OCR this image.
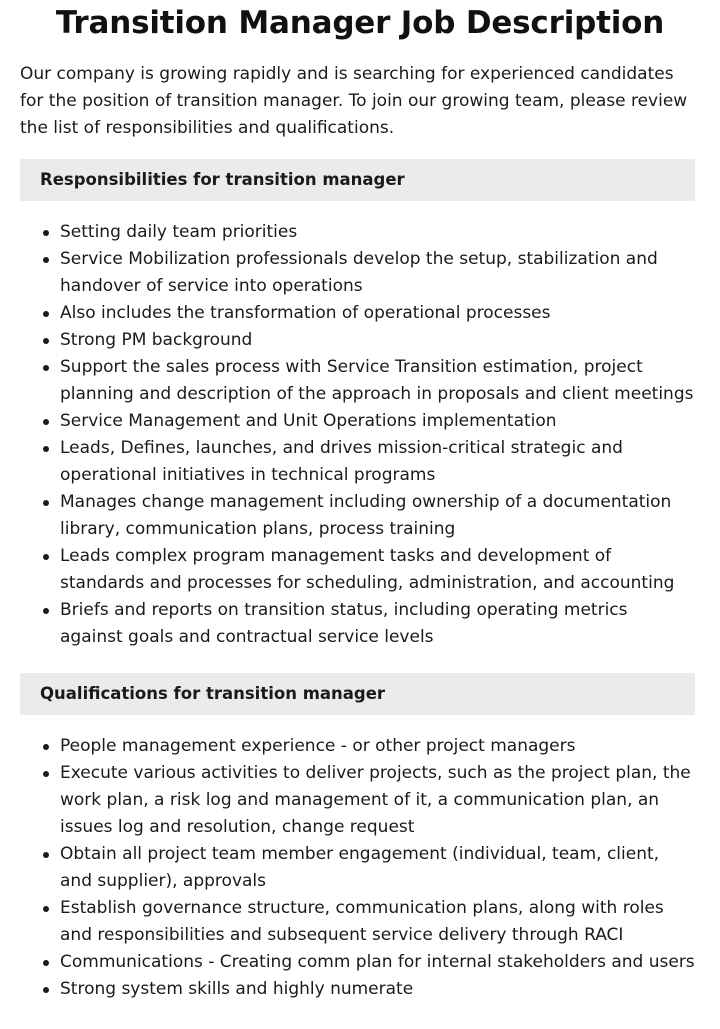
Transition Manager Job Description

Our company is growing rapidly and is searching for experienced candidates for the position of transition manager. To join our growing team, please review the list of responsibilities and qualifications.

Responsibilities for transition manager
Setting daily team priorities
Service Mobilization professionals develop the setup, stabilization and handover of service into operations
Also includes the transformation of operational processes
Strong PM background
Support the sales process with Service Transition estimation, project planning and description of the approach in proposals and client meetings
Service Management and Unit Operations implementation
Leads, Defines, launches, and drives mission-critical strategic and operational initiatives in technical programs
Manages change management including ownership of a documentation library, communication plans, process training
Leads complex program management tasks and development of standards and processes for scheduling, administration, and accounting
Briefs and reports on transition status, including operating metrics against goals and contractual service levels
Qualifications for transition manager
People management experience - or other project managers
Execute various activities to deliver projects, such as the project plan, the work plan, a risk log and management of it, a communication plan, an issues log and resolution, change request
Obtain all project team member engagement (individual, team, client, and supplier), approvals
Establish governance structure, communication plans, along with roles and responsibilities and subsequent service delivery through RACI
Communications - Creating comm plan for internal stakeholders and users
Strong system skills and highly numerate
